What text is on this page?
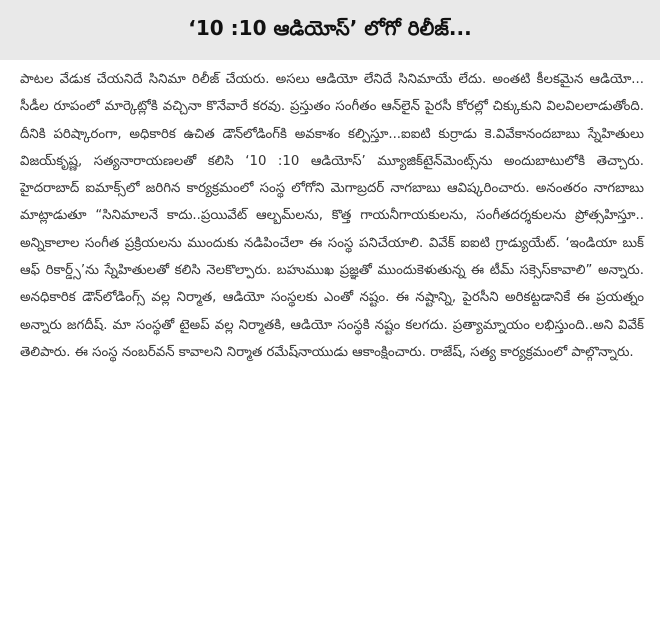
‘10 :10 ఆడియోస్’ లోగో రిలీజ్...

పాటల వేడుక చేయనిదే సినిమా రిలీజ్ చేయరు. అసలు ఆడియో లేనిదే సినిమాయే లేదు. అంతటి కీలకమైన ఆడియో... సీడీల రూపంలో మార్కెట్లోకి వచ్చినా కొనేవారే కరవు. ప్రస్తుతం సంగీతం ఆన్‌లైన్ పైరసీ కోరల్లో చిక్కుకుని విలవిలలాడుతోంది. దీనికి పరిష్కారంగా, అధికారిక ఉచిత డౌన్‌లోడింగ్‌కి అవకాశం కల్పిస్తూ...ఐఐటి కుర్రాడు కె.వివేకానందబాబు స్నేహితులు విజయ్‌కృష్ణ, సత్యనారాయణలతో కలిసి ‘10 :10 ఆడియోస్’ మ్యూజిక్‌టైన్‌మెంట్స్‌ను అందుబాటులోకి తెచ్చారు. హైదరాబాద్ ఐమాక్స్‌లో జరిగిన కార్యక్రమంలో సంస్థ లోగోని మెగాబ్రదర్ నాగబాబు ఆవిష్కరించారు. అనంతరం నాగబాబు మాట్లాడుతూ “సినిమాలనే కాదు..ప్రయివేట్ ఆల్బమ్‌లను, కొత్త గాయనీగాయకులను, సంగీతదర్శకులను ప్రోత్సహిస్తూ.. అన్నికాలాల సంగీత ప్రక్రియలను ముందుకు నడిపించేలా ఈ సంస్థ పనిచేయాలి. వివేక్ ఐఐటి గ్రాడ్యుయేట్. ‘ఇండియా బుక్ ఆఫ్ రికార్డ్స్’ను స్నేహితులతో కలిసి నెలకొల్పారు. బహుముఖ ప్రజ్ఞతో ముందుకెళుతున్న ఈ టీమ్ సక్సెస్‌కావాలి” అన్నారు. అనధికారిక డౌన్‌లోడింగ్స్ వల్ల నిర్మాత, ఆడియో సంస్థలకు ఎంతో నష్టం. ఈ నష్టాన్ని, పైరసీని అరికట్టడానికే ఈ ప్రయత్నం అన్నారు జగదీష్. మా సంస్థతో టైఅప్ వల్ల నిర్మాతకి, ఆడియో సంస్థకి నష్టం కలగదు. ప్రత్యామ్నాయం లభిస్తుంది..అని వివేక్ తెలిపారు. ఈ సంస్థ నంబర్‌వన్ కావాలని నిర్మాత రమేష్‌నాయుడు ఆకాంక్షించారు. రాజేష్, సత్య కార్యక్రమంలో పాల్గొన్నారు.
